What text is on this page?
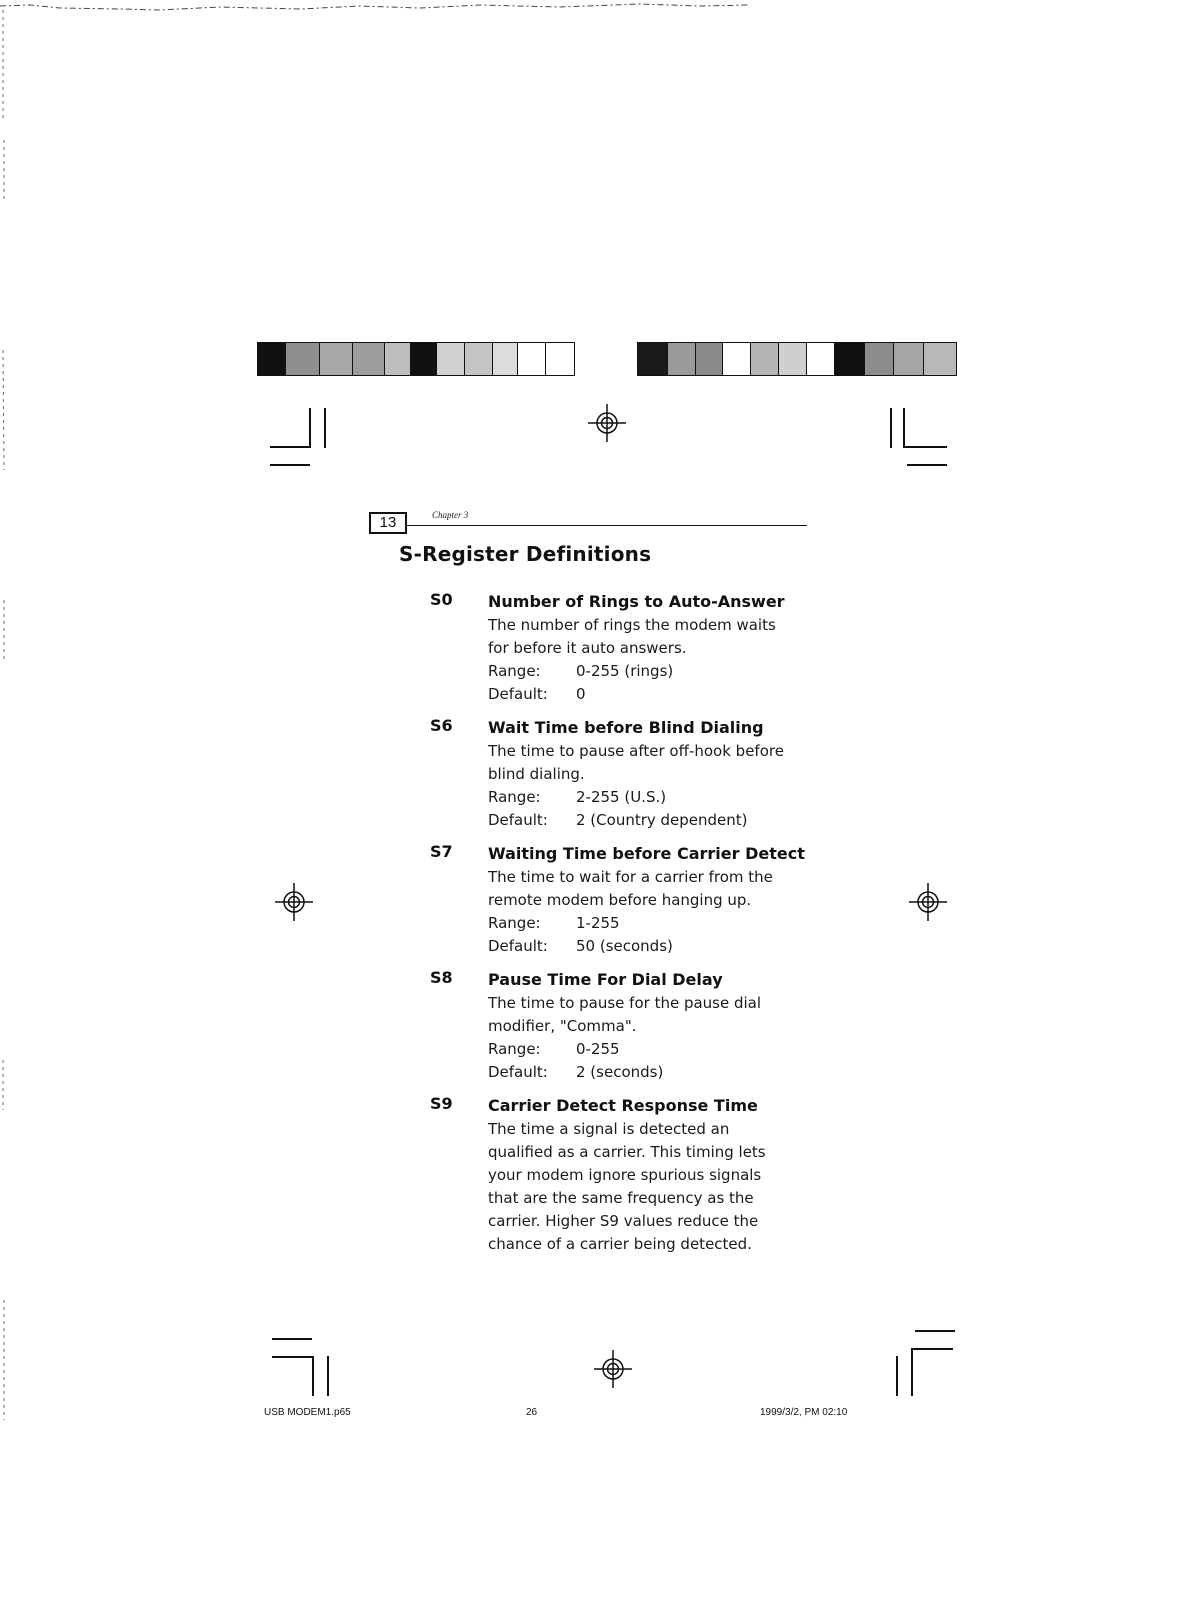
13	Chapter 3
S-Register Definitions
S0 Number of Rings to Auto-Answer
The number of rings the modem waits
for before it auto answers.
Range: 0-255 (rings)
Default: 0
S6 Wait Time before Blind Dialing
The time to pause after off-hook before
blind dialing.
Range: 2-255 (U.S.)
Default: 2 (Country dependent)
S7 Waiting Time before Carrier Detect
The time to wait for a carrier from the
remote modem before hanging up.
Range: 1-255
Default: 50 (seconds)
S8 Pause Time For Dial Delay
The time to pause for the pause dial
modifier, "Comma".
Range: 0-255
Default: 2 (seconds)
S9 Carrier Detect Response Time
The time a signal is detected an
qualified as a carrier. This timing lets
your modem ignore spurious signals
that are the same frequency as the
carrier. Higher S9 values reduce the
chance of a carrier being detected.
USB MODEM1.p65	26	1999/3/2, PM 02:10
